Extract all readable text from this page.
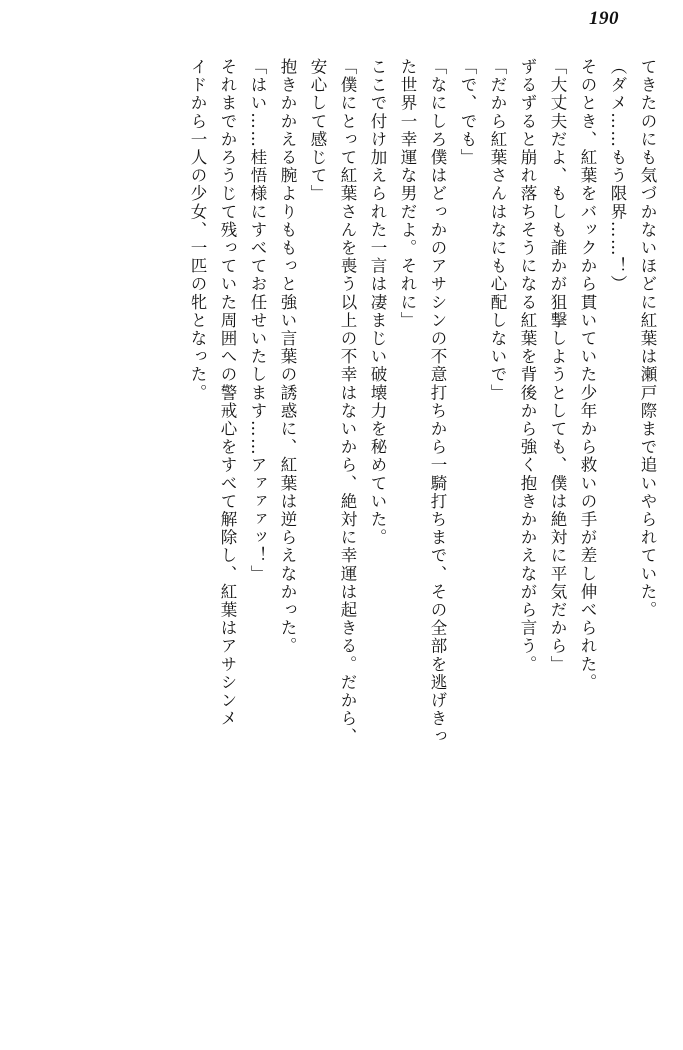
190
てきたのにも気づかないほどに紅葉は瀬戸際まで追いやられていた。
（ダメ……もう限界……！）
そのとき、紅葉をバックから貫いていた少年から救いの手が差し伸べられた。
「大丈夫だよ、もしも誰かが狙撃しようとしても、僕は絶対に平気だから」
ずるずると崩れ落ちそうになる紅葉を背後から強く抱きかかえながら言う。
「だから紅葉さんはなにも心配しないで」
「で、でも」
「なにしろ僕はどっかのアサシンの不意打ちから一騎打ちまで、その全部を逃げきっ
た世界一幸運な男だよ。それに」
ここで付け加えられた一言は凄まじい破壊力を秘めていた。
「僕にとって紅葉さんを喪う以上の不幸はないから、絶対に幸運は起きる。だから、
安心して感じて」
抱きかかえる腕よりももっと強い言葉の誘惑に、紅葉は逆らえなかった。
「はい……桂悟様にすべてお任せいたします……アァァァッ！」
それまでかろうじて残っていた周囲への警戒心をすべて解除し、紅葉はアサシンメ
イドから一人の少女、一匹の牝となった。
